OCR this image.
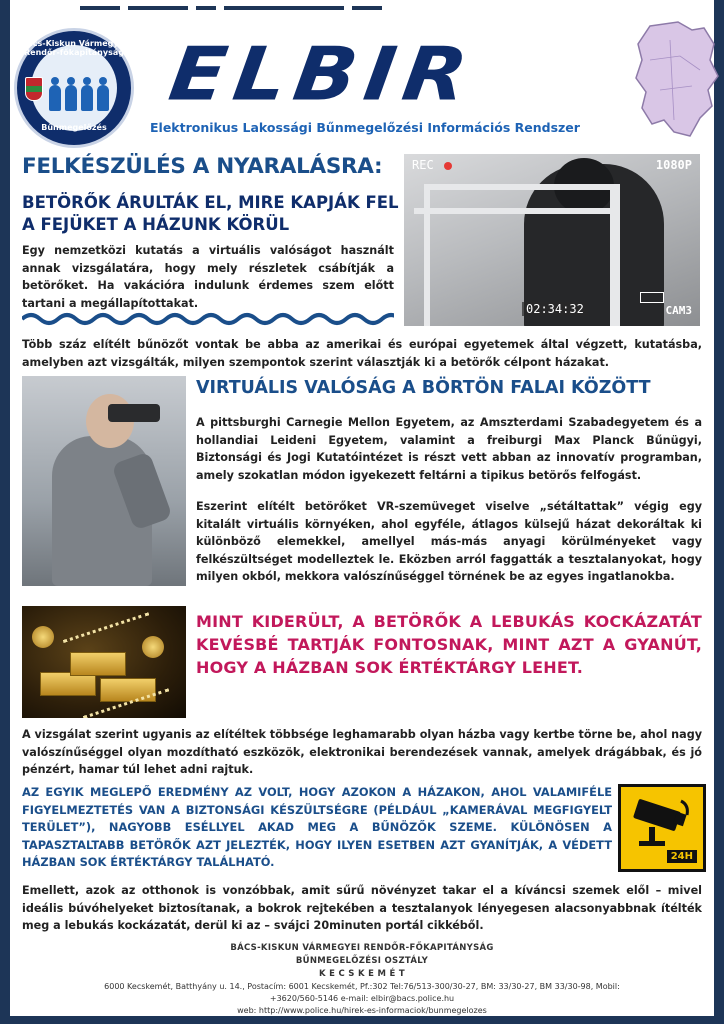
Bács-Kiskun Vármegyei Rendőr-főkapitányság
Bűnmegelőzés
ELBIR
Elektronikus Lakossági Bűnmegelőzési Információs Rendszer
FELKÉSZÜLÉS A NYARALÁSRA:
BETÖRŐK ÁRULTÁK EL, MIRE KAPJÁK FEL A FEJÜKET A HÁZUNK KÖRÜL
Egy nemzetközi kutatás a virtuális valóságot használt annak vizsgálatára, hogy mely részletek csábítják a betörőket. Ha vakációra indulunk érdemes szem előtt tartani a megállapítottakat.
REC	1080P
02:34:32	CAM3
Több száz elítélt bűnözőt vontak be abba az amerikai és európai egyetemek által végzett, kutatásba, amelyben azt vizsgálták, milyen szempontok szerint választják ki a betörők célpont házakat.
VIRTUÁLIS VALÓSÁG A BÖRTÖN FALAI KÖZÖTT
A pittsburghi Carnegie Mellon Egyetem, az Amszterdami Szabadegyetem és a hollandiai Leideni Egyetem, valamint a freiburgi Max Planck Bűnügyi, Biztonsági és Jogi Kutatóintézet is részt vett abban az innovatív programban, amely szokatlan módon igyekezett feltárni a tipikus betörős felfogást.
Eszerint elítélt betörőket VR-szemüveget viselve „sétáltattak” végig egy kitalált virtuális környéken, ahol egyféle, átlagos külsejű házat dekoráltak ki különböző elemekkel, amellyel más-más anyagi körülményeket vagy felkészültséget modelleztek le. Eközben arról faggatták a tesztalanyokat, hogy milyen okból, mekkora valószínűséggel törnének be az egyes ingatlanokba.
MINT KIDERÜLT, A BETÖRŐK A LEBUKÁS KOCKÁZATÁT KEVÉSBÉ TARTJÁK FONTOSNAK, MINT AZT A GYANÚT, HOGY A HÁZBAN SOK ÉRTÉKTÁRGY LEHET.
A vizsgálat szerint ugyanis az elítéltek többsége leghamarabb olyan házba vagy kertbe törne be, ahol nagy valószínűséggel olyan mozdítható eszközök, elektronikai berendezések vannak, amelyek drágábbak, és jó pénzért, hamar túl lehet adni rajtuk.
AZ EGYIK MEGLEPŐ EREDMÉNY AZ VOLT, HOGY AZOKON A HÁZAKON, AHOL VALAMIFÉLE FIGYELMEZTETÉS VAN A BIZTONSÁGI KÉSZÜLTSÉGRE (PÉLDÁUL „KAMERÁVAL MEGFIGYELT TERÜLET”), NAGYOBB ESÉLLYEL AKAD MEG A BŰNÖZŐK SZEME. KÜLÖNÖSEN A TAPASZTALTABB BETÖRŐK AZT JELEZTÉK, HOGY ILYEN ESETBEN AZT GYANÍTJÁK, A VÉDETT HÁZBAN SOK ÉRTÉKTÁRGY TALÁLHATÓ.	24H
Emellett, azok az otthonok is vonzóbbak, amit sűrű növényzet takar el a kíváncsi szemek elől – mivel ideális búvóhelyeket biztosítanak, a bokrok rejtekében a tesztalanyok lényegesen alacsonyabbnak ítélték meg a lebukás kockázatát, derül ki az – svájci 20minuten portál cikkéből.
BÁCS-KISKUN VÁRMEGYEI RENDŐR-FŐKAPITÁNYSÁG
BŰNMEGELŐZÉSI OSZTÁLY
K E C S K E M É T
6000 Kecskemét, Batthyány u. 14., Postacím: 6001 Kecskemét, Pf.:302 Tel:76/513-300/30-27, BM: 33/30-27, BM 33/30-98, Mobil:
+3620/560-5146 e-mail: elbir@bacs.police.hu
web: http://www.police.hu/hirek-es-informaciok/bunmegelozes
